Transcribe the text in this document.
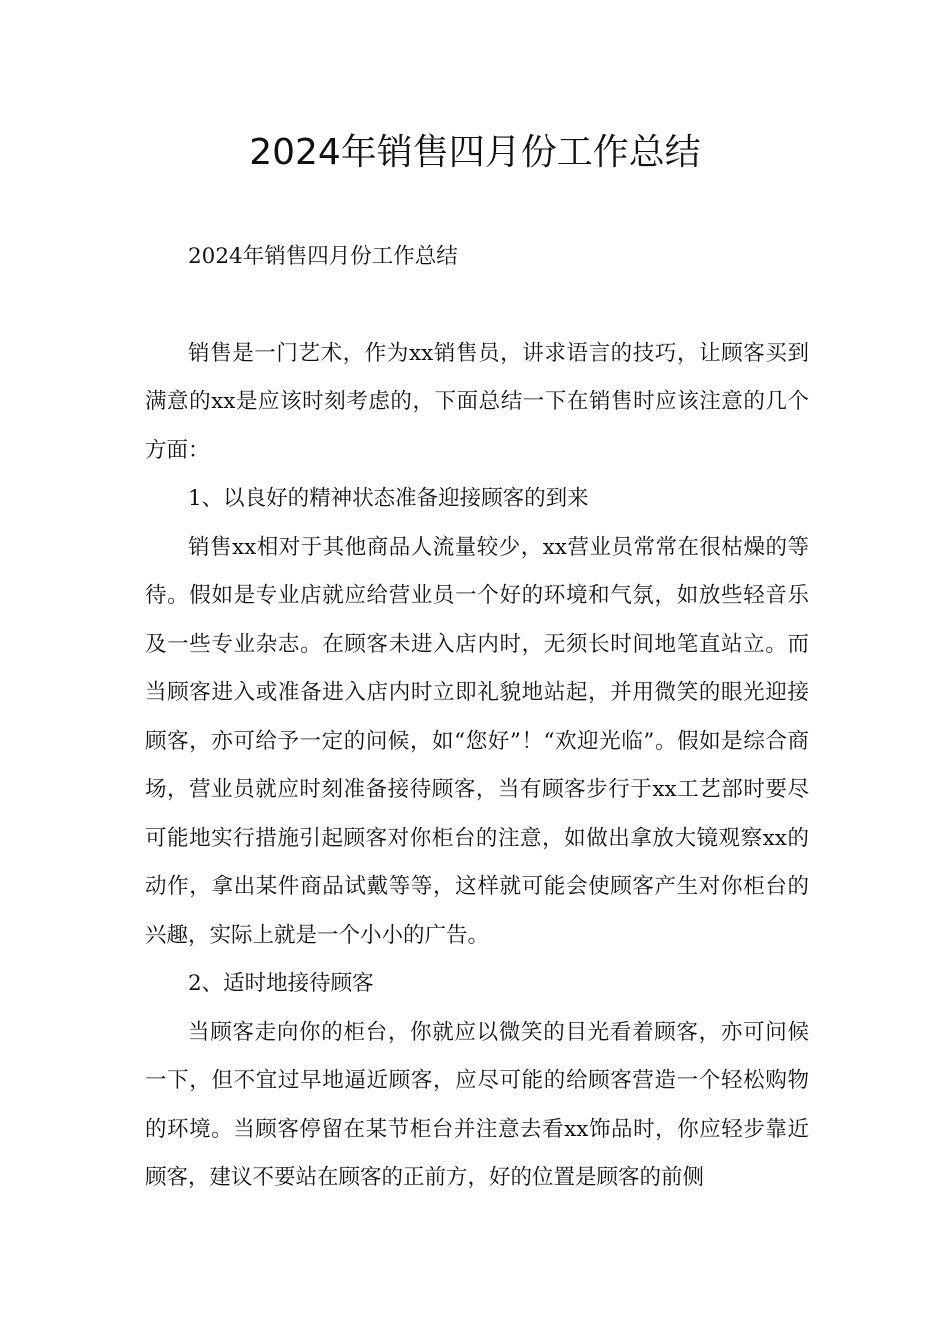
2024年销售四月份工作总结

2024年销售四月份工作总结

销售是一门艺术，作为xx销售员，讲求语言的技巧，让顾客买到满意的xx是应该时刻考虑的，下面总结一下在销售时应该注意的几个方面：

1、以良好的精神状态准备迎接顾客的到来

销售xx相对于其他商品人流量较少，xx营业员常常在很枯燥的等待。假如是专业店就应给营业员一个好的环境和气氛，如放些轻音乐及一些专业杂志。在顾客未进入店内时，无须长时间地笔直站立。而当顾客进入或准备进入店内时立即礼貌地站起，并用微笑的眼光迎接顾客，亦可给予一定的问候，如“您好”！“欢迎光临”。假如是综合商场，营业员就应时刻准备接待顾客，当有顾客步行于xx工艺部时要尽可能地实行措施引起顾客对你柜台的注意，如做出拿放大镜观察xx的动作，拿出某件商品试戴等等，这样就可能会使顾客产生对你柜台的兴趣，实际上就是一个小小的广告。

2、适时地接待顾客

当顾客走向你的柜台，你就应以微笑的目光看着顾客，亦可问候一下，但不宜过早地逼近顾客，应尽可能的给顾客营造一个轻松购物的环境。当顾客停留在某节柜台并注意去看xx饰品时，你应轻步靠近顾客，建议不要站在顾客的正前方，好的位置是顾客的前侧
